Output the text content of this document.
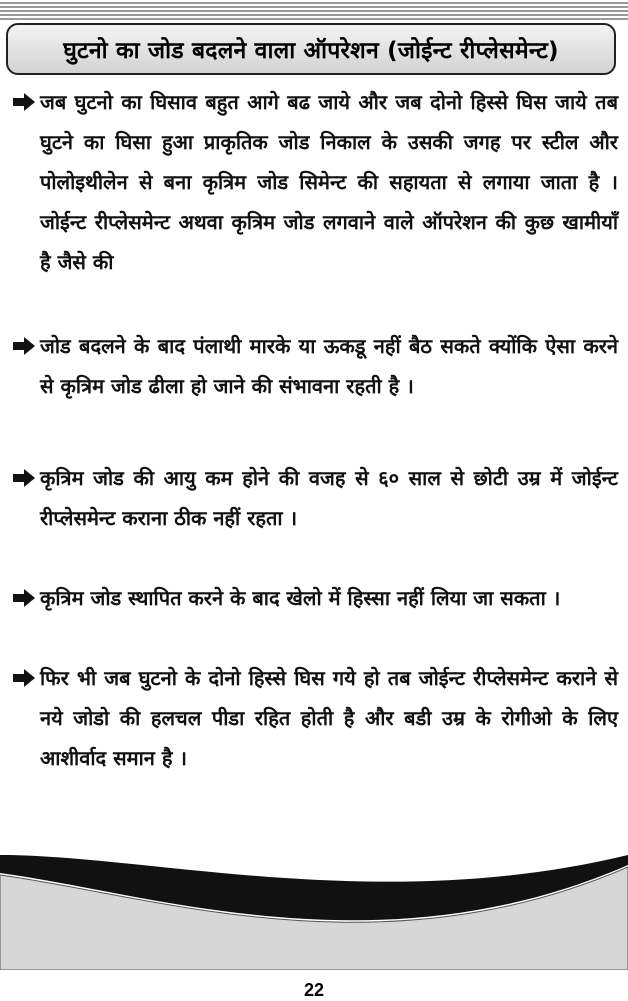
घुटनो का जोड बदलने वाला ऑपरेशन (जोईन्ट रीप्लेसमेन्ट)

जब घुटनो का घिसाव बहुत आगे बढ जाये और जब दोनो हिस्से घिस जाये तब घुटने का घिसा हुआ प्राकृतिक जोड निकाल के उसकी जगह पर स्टील और पोलोइथीलेन से बना कृत्रिम जोड सिमेन्ट की सहायता से लगाया जाता है । जोईन्ट रीप्लेसमेन्ट अथवा कृत्रिम जोड लगवाने वाले ऑपरेशन की कुछ खामीयाँ है जैसे की

जोड बदलने के बाद पंलाथी मारके या ऊकडू नहीं बैठ सकते क्योंकि ऐसा करने से कृत्रिम जोड ढीला हो जाने की संभावना रहती है ।

कृत्रिम जोड की आयु कम होने की वजह से ६० साल से छोटी उम्र में जोईन्ट रीप्लेसमेन्ट कराना ठीक नहीं रहता ।

कृत्रिम जोड स्थापित करने के बाद खेलो में हिस्सा नहीं लिया जा सकता ।

फिर भी जब घुटनो के दोनो हिस्से घिस गये हो तब जोईन्ट रीप्लेसमेन्ट कराने से नये जोडो की हलचल पीडा रहित होती है और बडी उम्र के रोगीओ के लिए आशीर्वाद समान है ।

22
